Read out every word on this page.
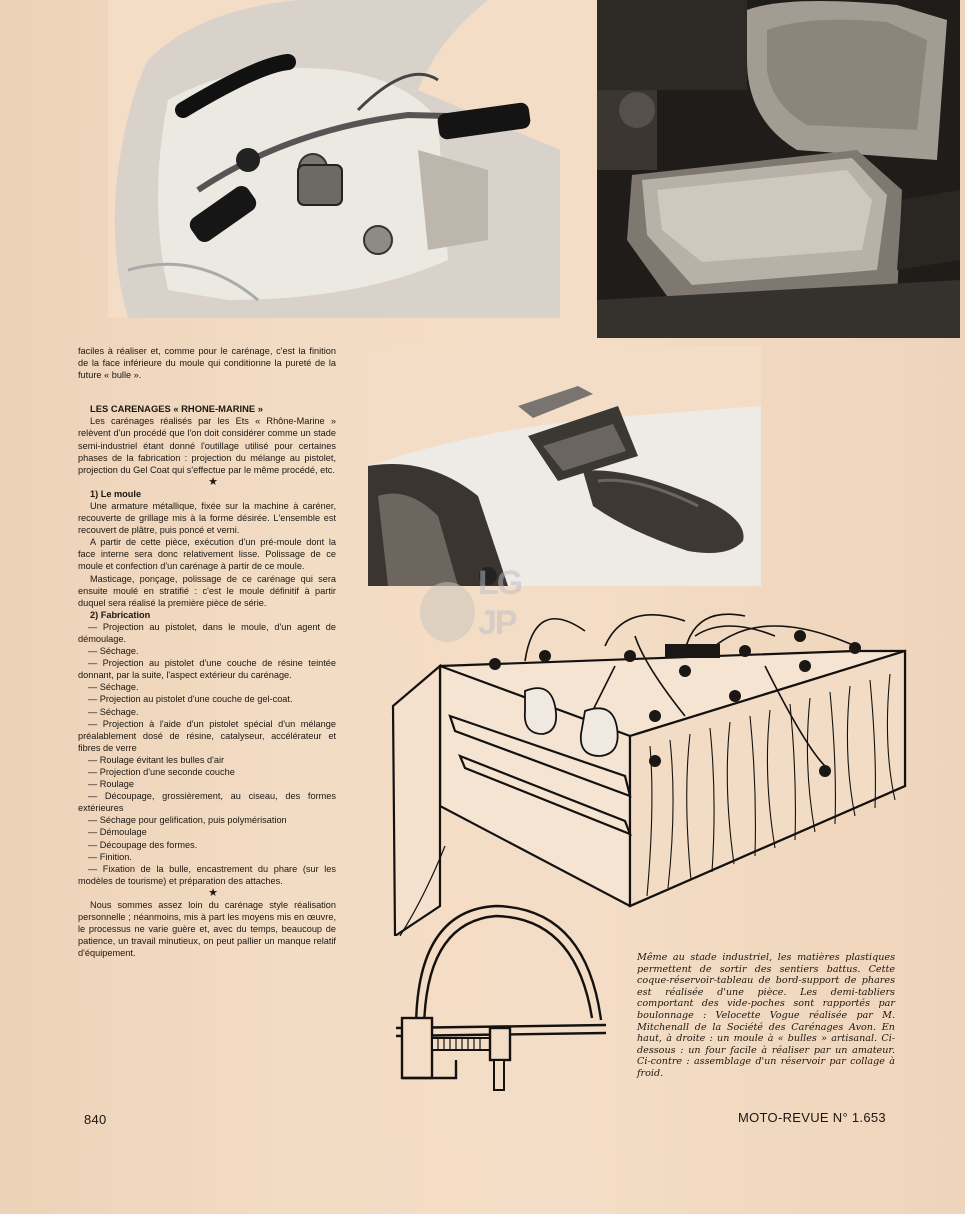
LG
JP

faciles à réaliser et, comme pour le carénage, c'est la finition de la face inférieure du moule qui conditionne la pureté de la future « bulle ».

LES CARENAGES « RHONE-MARINE »

Les carénages réalisés par les Ets « Rhône-Marine » relèvent d'un procédé que l'on doit considérer comme un stade semi-industriel étant donné l'outillage utilisé pour certaines phases de la fabrication : projection du mélange au pistolet, projection du Gel Coat qui s'effectue par le même procédé, etc.

★

1) Le moule

Une armature métallique, fixée sur la machine à caréner, recouverte de grillage mis à la forme désirée. L'ensemble est recouvert de plâtre, puis poncé et verni.

A partir de cette pièce, exécution d'un pré-moule dont la face interne sera donc relativement lisse. Polissage de ce moule et confection d'un carénage à partir de ce moule.

Masticage, ponçage, polissage de ce carénage qui sera ensuite moulé en stratifié : c'est le moule définitif à partir duquel sera réalisé la première pièce de série.

2) Fabrication

— Projection au pistolet, dans le moule, d'un agent de démoulage.

— Séchage.

— Projection au pistolet d'une couche de résine teintée donnant, par la suite, l'aspect extérieur du carénage.

— Séchage.

— Projection au pistolet d'une couche de gel-coat.

— Séchage.

— Projection à l'aide d'un pistolet spécial d'un mélange préalablement dosé de résine, catalyseur, accélérateur et fibres de verre

— Roulage évitant les bulles d'air

— Projection d'une seconde couche

— Roulage

— Découpage, grossièrement, au ciseau, des formes extérieures

— Séchage pour gelification, puis polymérisation

— Démoulage

— Découpage des formes.

— Finition.

— Fixation de la bulle, encastrement du phare (sur les modèles de tourisme) et préparation des attaches.

★

Nous sommes assez loin du carénage style réalisation personnelle ; néanmoins, mis à part les moyens mis en œuvre, le processus ne varie guère et, avec du temps, beaucoup de patience, un travail minutieux, on peut pallier un manque relatif d'équipement.	Même au stade industriel, les matières plastiques permettent de sortir des sentiers battus. Cette coque-réservoir-tableau de bord-support de phares est réalisée d'une pièce. Les demi-tabliers comportant des vide-poches sont rapportés par boulonnage : Velocette Vogue réalisée par M. Mitchenall de la Société des Carénages Avon. En haut, à droite : un moule à « bulles » artisanal. Ci-dessous : un four facile à réaliser par un amateur. Ci-contre : assemblage d'un réservoir par collage à froid.
840	MOTO-REVUE N° 1.653
